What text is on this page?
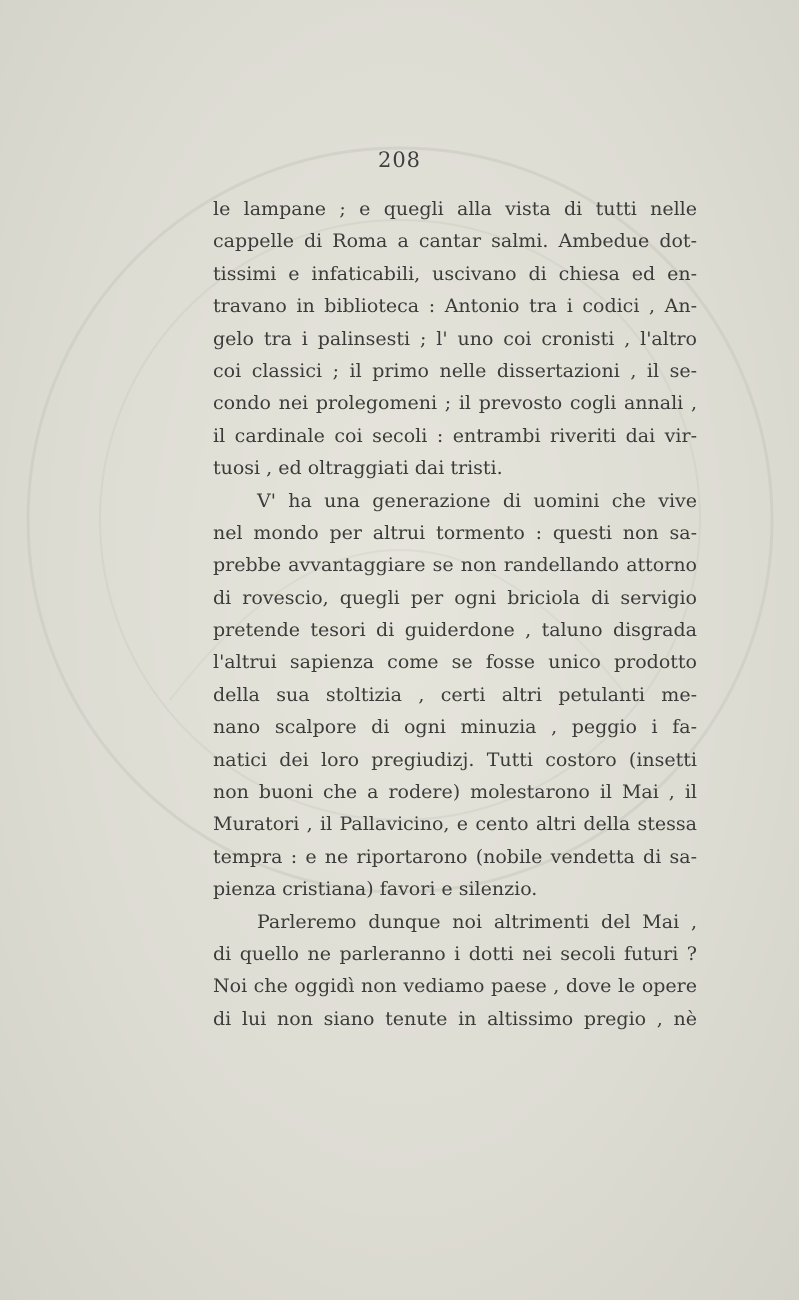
208
le lampane ; e quegli alla vista di tutti nelle
cappelle di Roma a cantar salmi. Ambedue dot-
tissimi e infaticabili, uscivano di chiesa ed en-
travano in biblioteca : Antonio tra i codici , An-
gelo tra i palinsesti ; l' uno coi cronisti , l'altro
coi classici ; il primo nelle dissertazioni , il se-
condo nei prolegomeni ; il prevosto cogli annali ,
il cardinale coi secoli : entrambi riveriti dai vir-
tuosi , ed oltraggiati dai tristi.
V' ha una generazione di uomini che vive
nel mondo per altrui tormento : questi non sa-
prebbe avvantaggiare se non randellando attorno
di rovescio, quegli per ogni briciola di servigio
pretende tesori di guiderdone , taluno disgrada
l'altrui sapienza come se fosse unico prodotto
della sua stoltizia , certi altri petulanti me-
nano scalpore di ogni minuzia , peggio i fa-
natici dei loro pregiudizj. Tutti costoro (insetti
non buoni che a rodere) molestarono il Mai , il
Muratori , il Pallavicino, e cento altri della stessa
tempra : e ne riportarono (nobile vendetta di sa-
pienza cristiana) favori e silenzio.
Parleremo dunque noi altrimenti del Mai ,
di quello ne parleranno i dotti nei secoli futuri ?
Noi che oggidì non vediamo paese , dove le opere
di lui non siano tenute in altissimo pregio , nè
